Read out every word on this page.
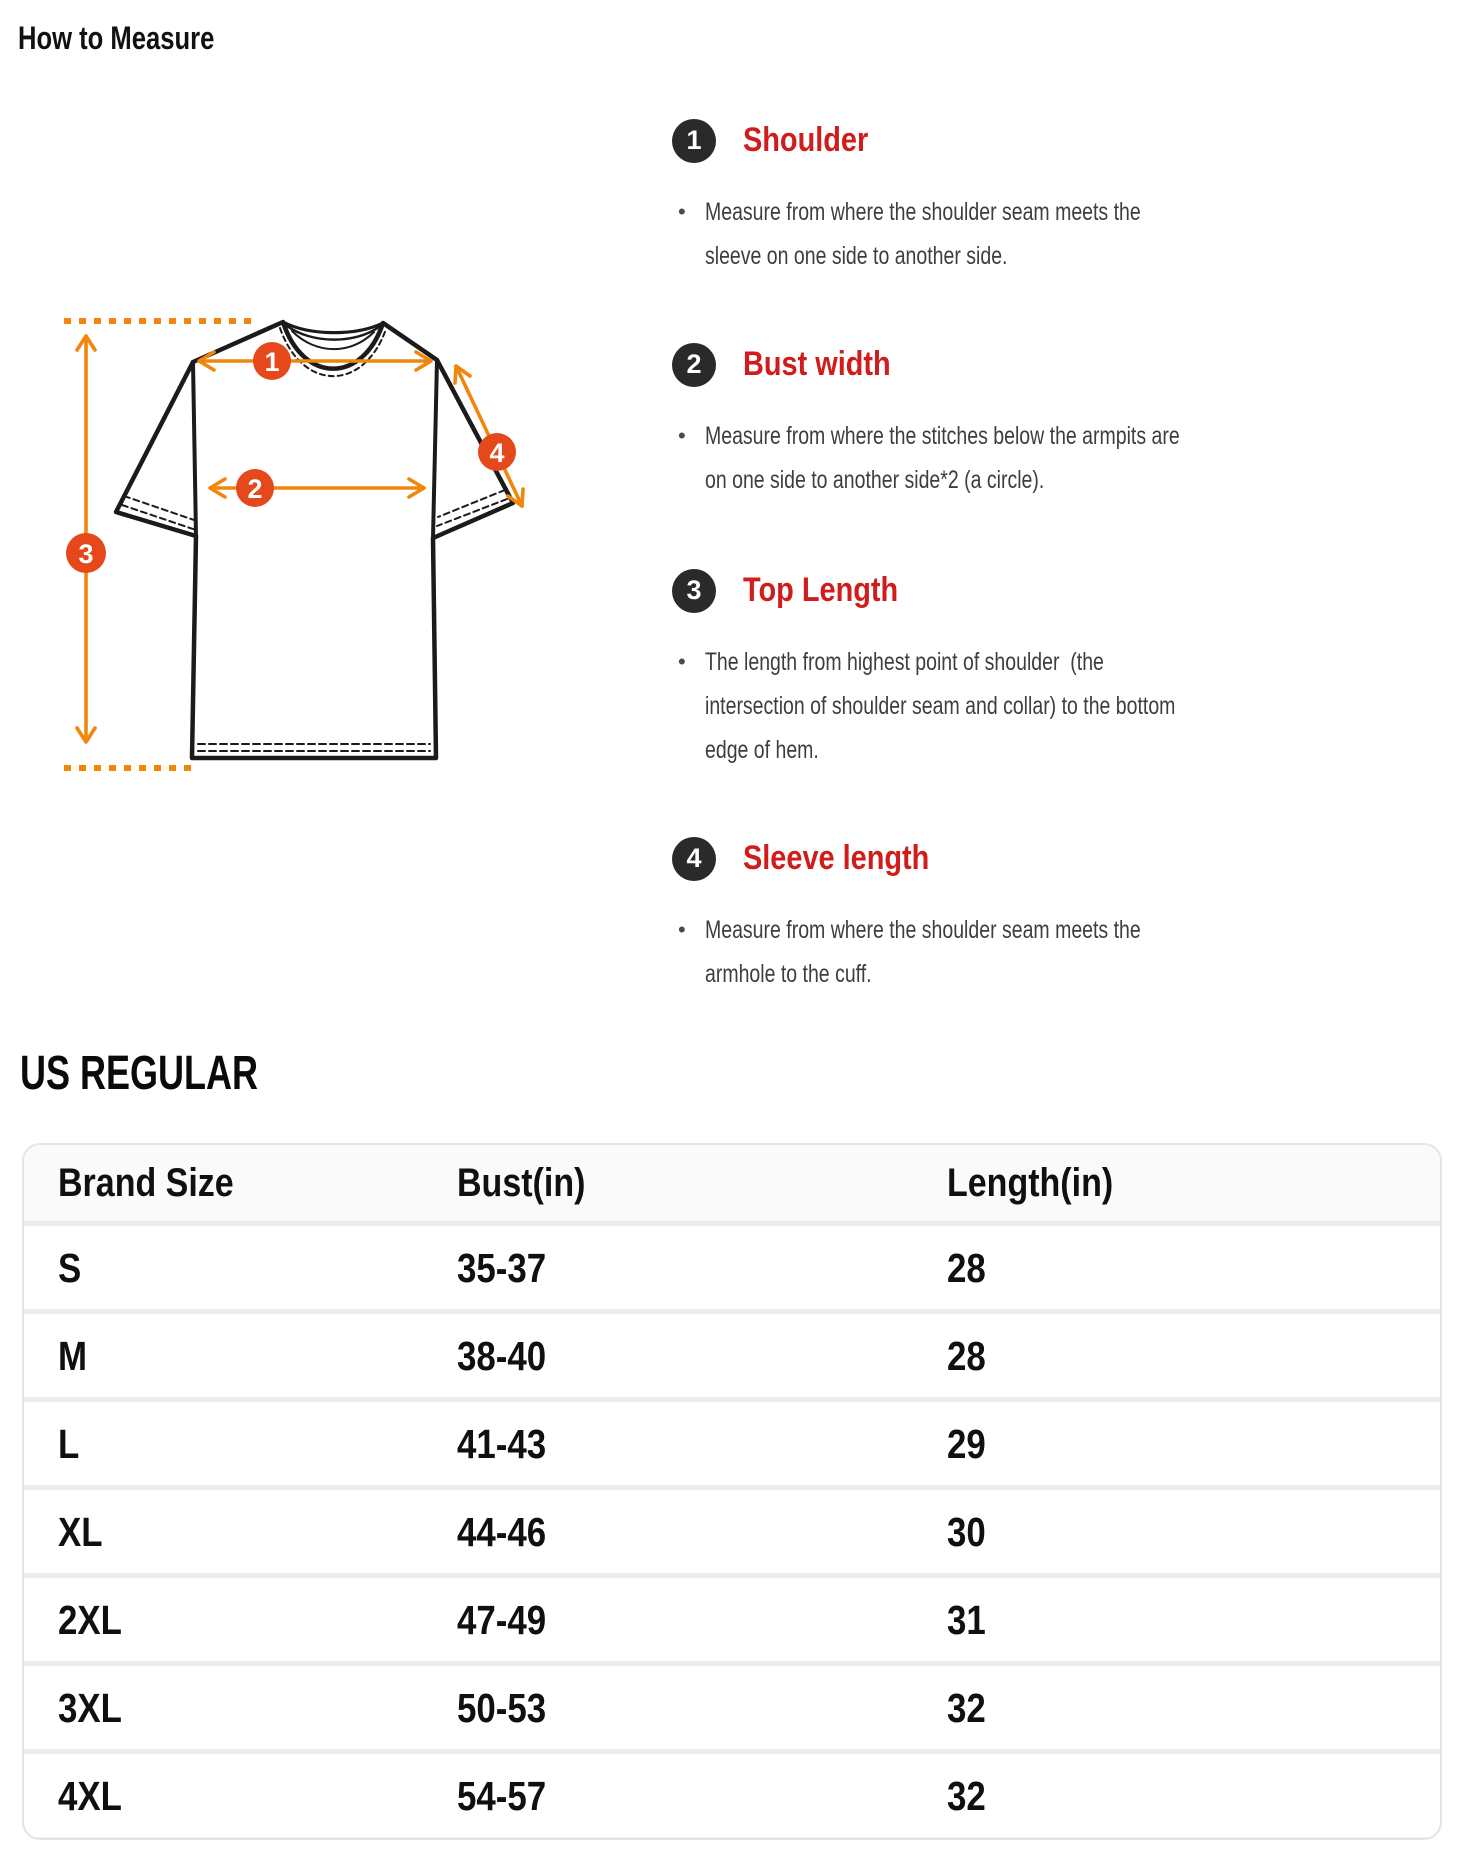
How to Measure
1
2
3
4
1	Shoulder
• Measure from where the shoulder seam meets the
sleeve on one side to another side.
2	Bust width
• Measure from where the stitches below the armpits are
on one side to another side*2 (a circle).
3	Top Length
• The length from highest point of shoulder  (the
intersection of shoulder seam and collar) to the bottom
edge of hem.
4	Sleeve length
• Measure from where the shoulder seam meets the
armhole to the cuff.
US REGULAR
Brand Size	Bust(in)	Length(in)
S	35-37	28
M	38-40	28
L	41-43	29
XL	44-46	30
2XL	47-49	31
3XL	50-53	32
4XL	54-57	32
